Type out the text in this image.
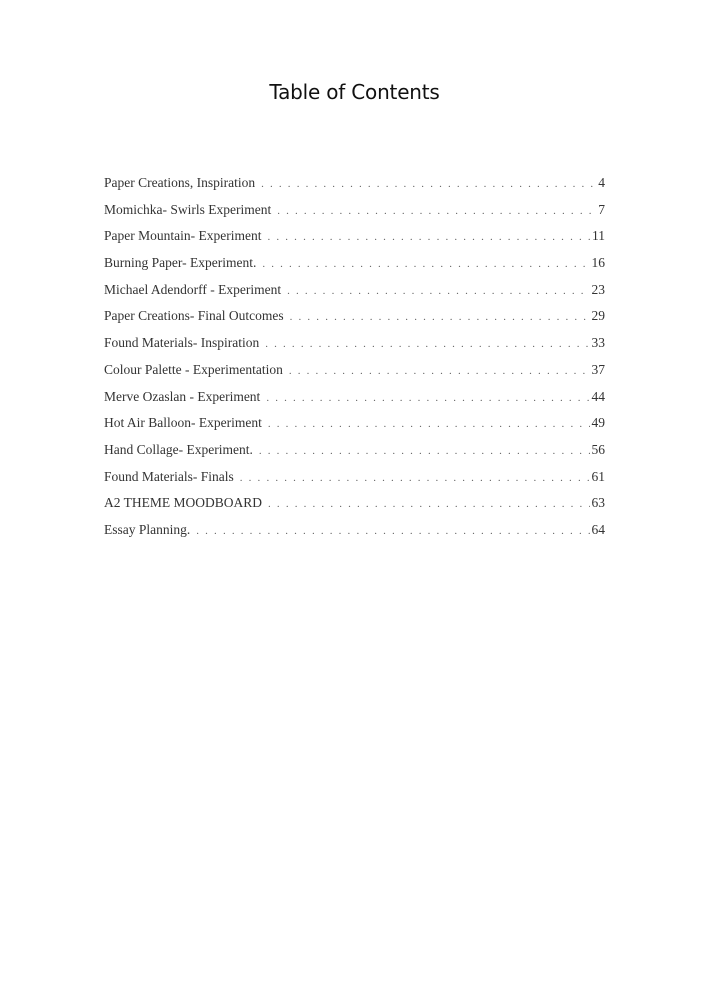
Table of Contents
Paper Creations, Inspiration . . .	4
Momichka- Swirls Experiment . . .	7
Paper Mountain- Experiment . . .	11
Burning Paper- Experiment. . . .	16
Michael Adendorff - Experiment . . .	23
Paper Creations- Final Outcomes . . .	29
Found Materials- Inspiration . . .	33
Colour Palette - Experimentation . . .	37
Merve Ozaslan - Experiment . . .	44
Hot Air Balloon- Experiment . . .	49
Hand Collage- Experiment. . . .	56
Found Materials- Finals . . .	61
A2 THEME MOODBOARD . . .	63
Essay Planning. . . .	64
